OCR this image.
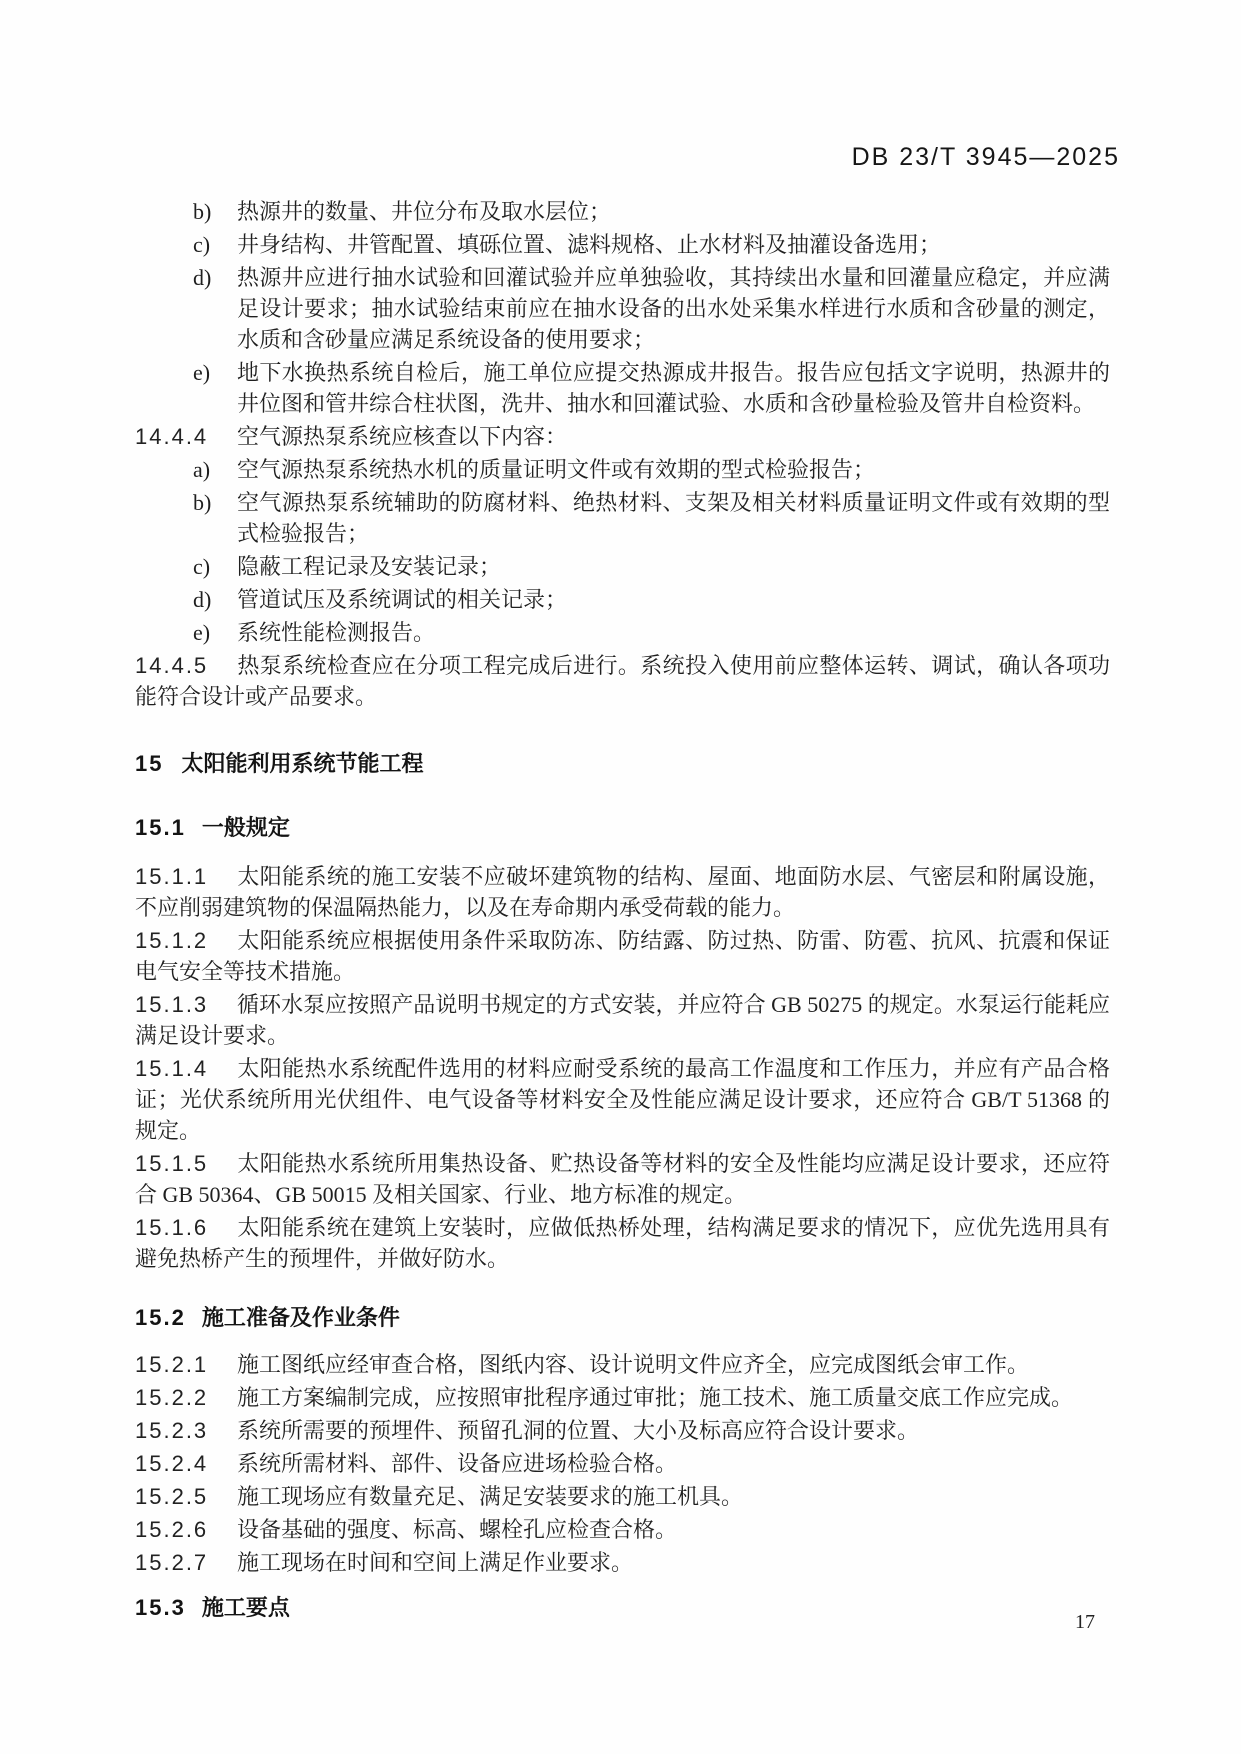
DB 23/T 3945—2025
b)	热源井的数量、井位分布及取水层位；
c)	井身结构、井管配置、填砾位置、滤料规格、止水材料及抽灌设备选用；
d)	热源井应进行抽水试验和回灌试验并应单独验收，其持续出水量和回灌量应稳定，并应满足设计要求；抽水试验结束前应在抽水设备的出水处采集水样进行水质和含砂量的测定，水质和含砂量应满足系统设备的使用要求；
e)	地下水换热系统自检后，施工单位应提交热源成井报告。报告应包括文字说明，热源井的井位图和管井综合柱状图，洗井、抽水和回灌试验、水质和含砂量检验及管井自检资料。

14.4.4 空气源热泵系统应核查以下内容：

a)	空气源热泵系统热水机的质量证明文件或有效期的型式检验报告；
b)	空气源热泵系统辅助的防腐材料、绝热材料、支架及相关材料质量证明文件或有效期的型式检验报告；
c)	隐蔽工程记录及安装记录；
d)	管道试压及系统调试的相关记录；
e)	系统性能检测报告。

14.4.5 热泵系统检查应在分项工程完成后进行。系统投入使用前应整体运转、调试，确认各项功能符合设计或产品要求。

15 太阳能利用系统节能工程
15.1 一般规定

15.1.1 太阳能系统的施工安装不应破坏建筑物的结构、屋面、地面防水层、气密层和附属设施，不应削弱建筑物的保温隔热能力，以及在寿命期内承受荷载的能力。

15.1.2 太阳能系统应根据使用条件采取防冻、防结露、防过热、防雷、防雹、抗风、抗震和保证电气安全等技术措施。

15.1.3 循环水泵应按照产品说明书规定的方式安装，并应符合 GB 50275 的规定。水泵运行能耗应满足设计要求。

15.1.4 太阳能热水系统配件选用的材料应耐受系统的最高工作温度和工作压力，并应有产品合格证；光伏系统所用光伏组件、电气设备等材料安全及性能应满足设计要求，还应符合 GB/T 51368 的规定。

15.1.5 太阳能热水系统所用集热设备、贮热设备等材料的安全及性能均应满足设计要求，还应符合 GB 50364、GB 50015 及相关国家、行业、地方标准的规定。

15.1.6 太阳能系统在建筑上安装时，应做低热桥处理，结构满足要求的情况下，应优先选用具有避免热桥产生的预埋件，并做好防水。

15.2 施工准备及作业条件

15.2.1 施工图纸应经审查合格，图纸内容、设计说明文件应齐全，应完成图纸会审工作。

15.2.2 施工方案编制完成，应按照审批程序通过审批；施工技术、施工质量交底工作应完成。

15.2.3 系统所需要的预埋件、预留孔洞的位置、大小及标高应符合设计要求。

15.2.4 系统所需材料、部件、设备应进场检验合格。

15.2.5 施工现场应有数量充足、满足安装要求的施工机具。

15.2.6 设备基础的强度、标高、螺栓孔应检查合格。

15.2.7 施工现场在时间和空间上满足作业要求。

15.3 施工要点
17
